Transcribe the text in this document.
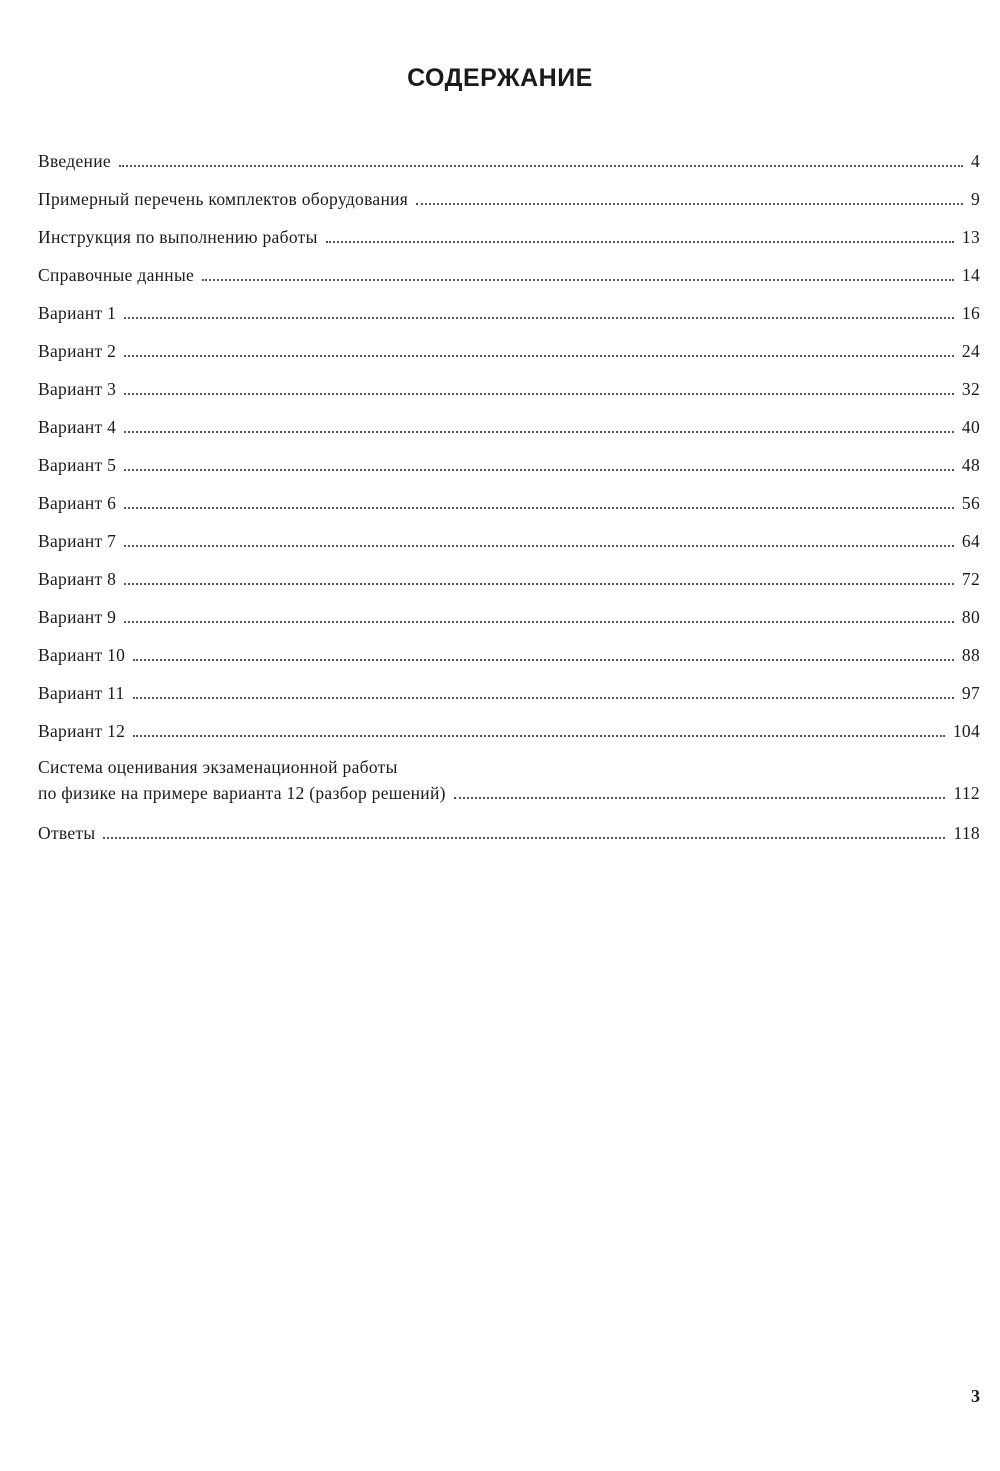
СОДЕРЖАНИЕ
Введение	4
Примерный перечень комплектов оборудования	9
Инструкция по выполнению работы	13
Справочные данные	14
Вариант 1	16
Вариант 2	24
Вариант 3	32
Вариант 4	40
Вариант 5	48
Вариант 6	56
Вариант 7	64
Вариант 8	72
Вариант 9	80
Вариант 10	88
Вариант 11	97
Вариант 12	104
Система оценивания экзаменационной работы
по физике на примере варианта 12 (разбор решений)	112
Ответы	118
3
